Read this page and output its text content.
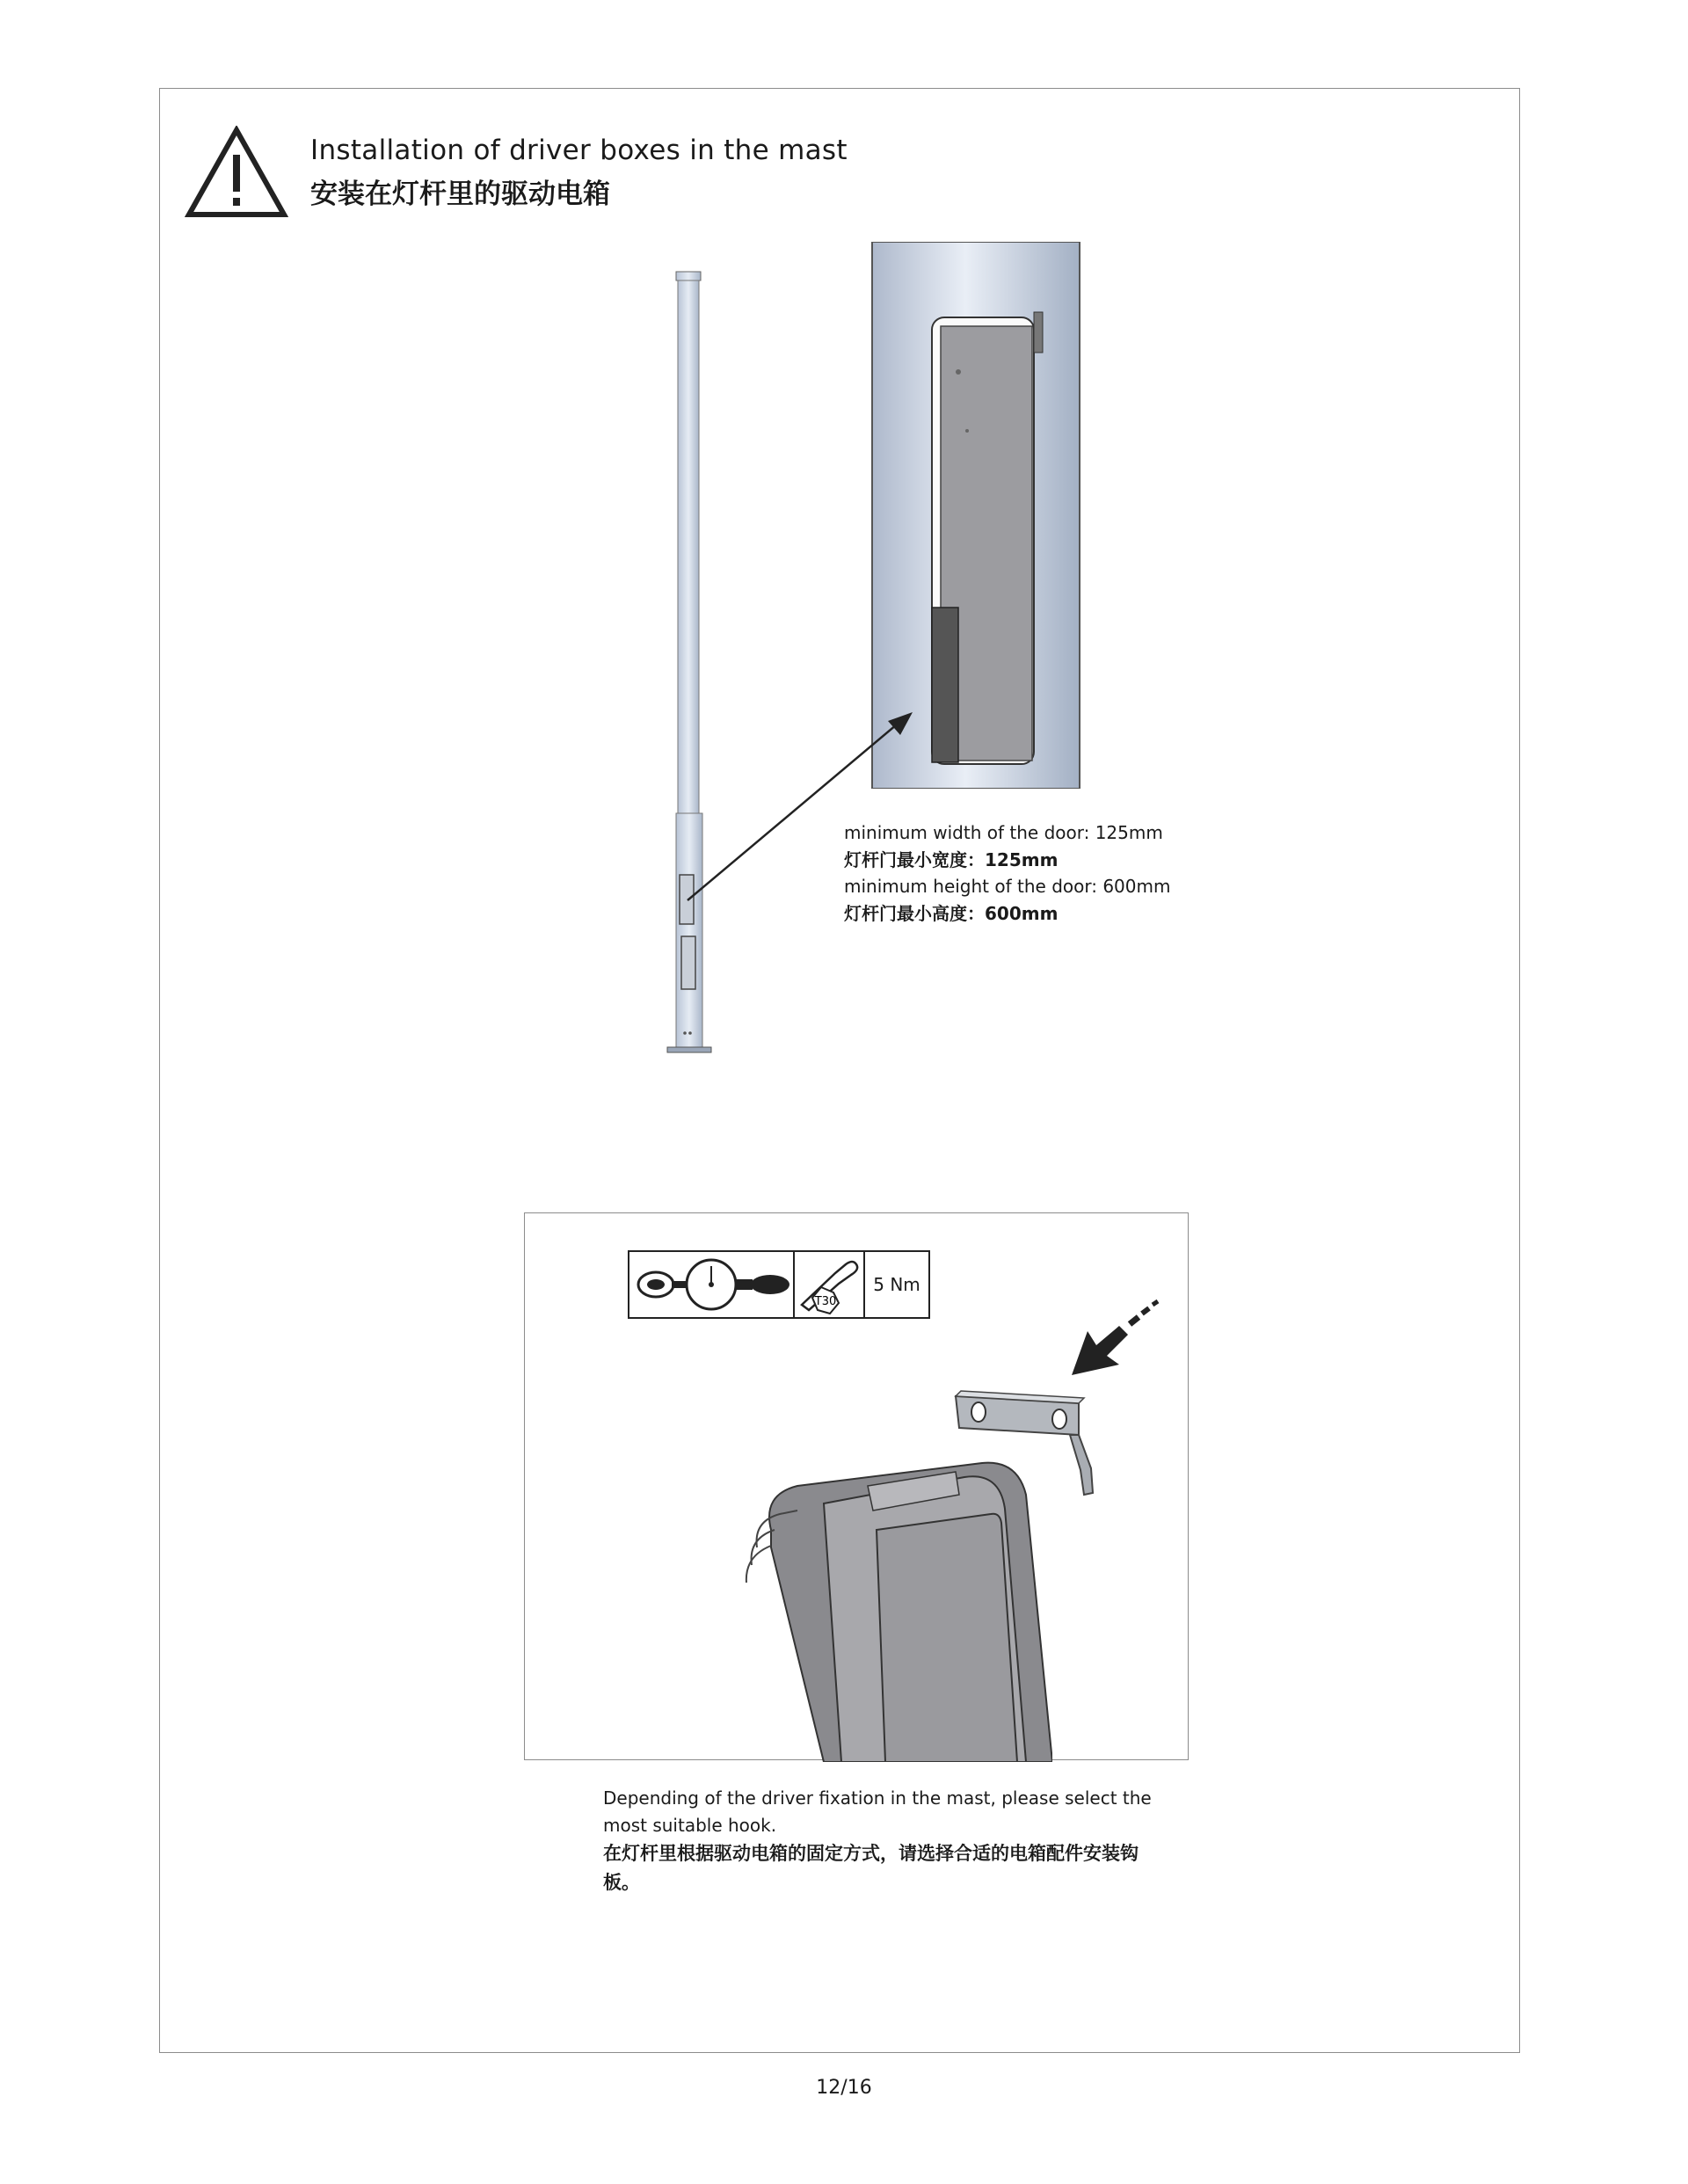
Installation of driver boxes in the mast
安装在灯杆里的驱动电箱
minimum width of the door: 125mm
灯杆门最小宽度：125mm
minimum height of the door: 600mm
灯杆门最小高度：600mm
T30
5 Nm
Depending of the driver fixation in the mast, please select the most suitable hook.
在灯杆里根据驱动电箱的固定方式，请选择合适的电箱配件安装钩板。
12/16
